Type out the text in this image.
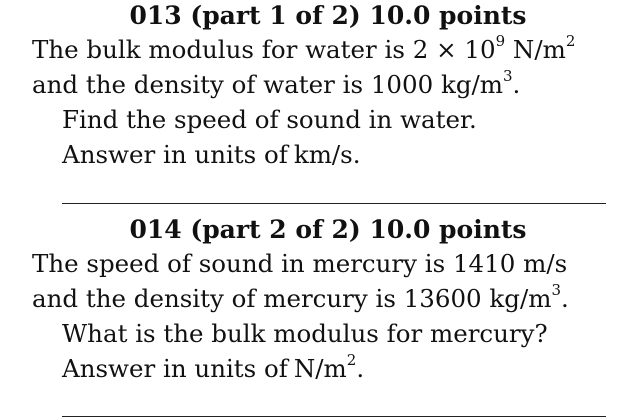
013 (part 1 of 2) 10.0 points
The bulk modulus for water is $2 \times 10^9$ $N/m^2$
and the density of water is 1000 $kg/m^3$.
Find the speed of sound in water.
Answer in units of km/s.
014 (part 2 of 2) 10.0 points
The speed of sound in mercury is 1410 m/s
and the density of mercury is 13600 $kg/m^3$.
What is the bulk modulus for mercury?
Answer in units of $N/m^2$.
